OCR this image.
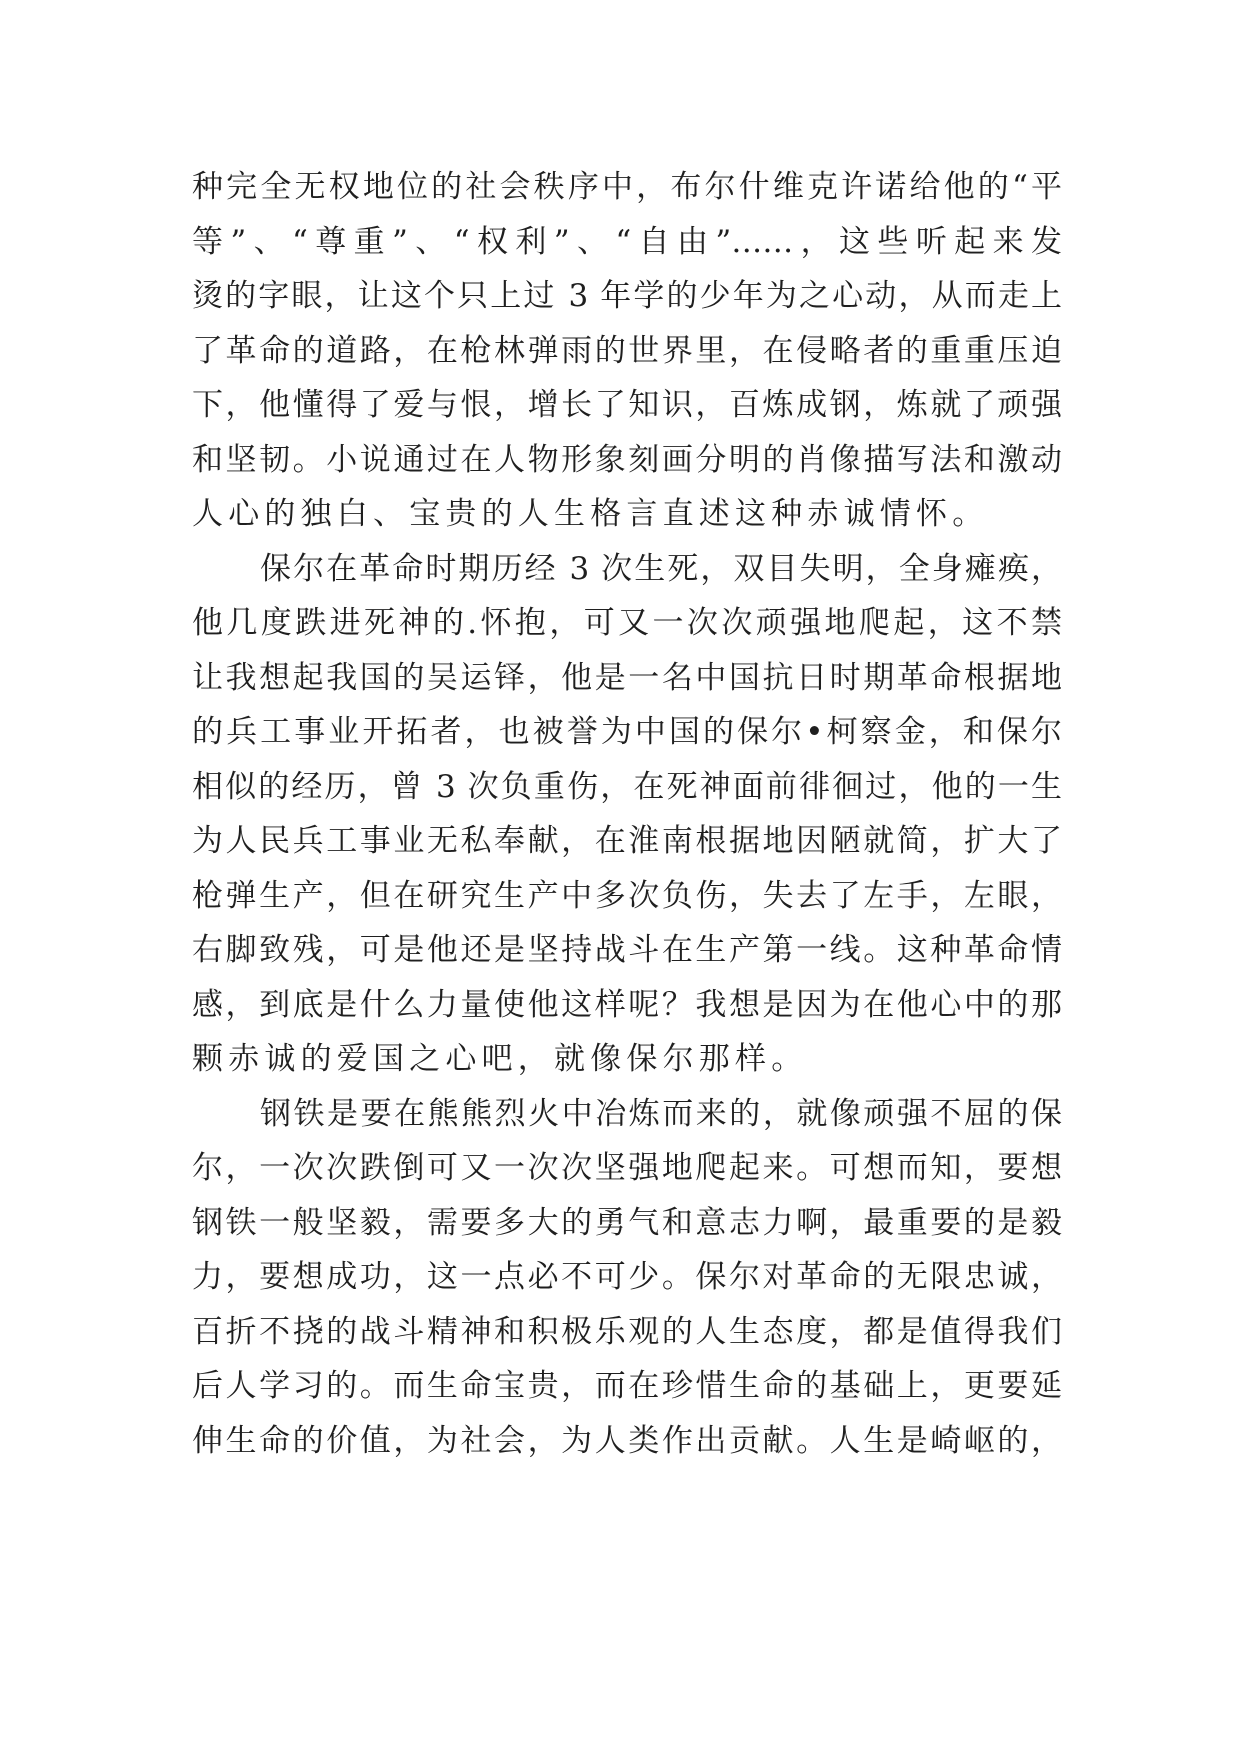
种完全无权地位的社会秩序中，布尔什维克许诺给他的“平
等”、“尊重”、“权利”、“自由”……，这些听起来发
烫的字眼，让这个只上过 3 年学的少年为之心动，从而走上
了革命的道路，在枪林弹雨的世界里，在侵略者的重重压迫
下，他懂得了爱与恨，增长了知识，百炼成钢，炼就了顽强
和坚韧。小说通过在人物形象刻画分明的肖像描写法和激动
人心的独白、宝贵的人生格言直述这种赤诚情怀。
保尔在革命时期历经 3 次生死，双目失明，全身瘫痪，
他几度跌进死神的.怀抱，可又一次次顽强地爬起，这不禁
让我想起我国的吴运铎，他是一名中国抗日时期革命根据地
的兵工事业开拓者，也被誉为中国的保尔•柯察金，和保尔
相似的经历，曾 3 次负重伤，在死神面前徘徊过，他的一生
为人民兵工事业无私奉献，在淮南根据地因陋就简，扩大了
枪弹生产，但在研究生产中多次负伤，失去了左手，左眼，
右脚致残，可是他还是坚持战斗在生产第一线。这种革命情
感，到底是什么力量使他这样呢？我想是因为在他心中的那
颗赤诚的爱国之心吧，就像保尔那样。
钢铁是要在熊熊烈火中冶炼而来的，就像顽强不屈的保
尔，一次次跌倒可又一次次坚强地爬起来。可想而知，要想
钢铁一般坚毅，需要多大的勇气和意志力啊，最重要的是毅
力，要想成功，这一点必不可少。保尔对革命的无限忠诚，
百折不挠的战斗精神和积极乐观的人生态度，都是值得我们
后人学习的。而生命宝贵，而在珍惜生命的基础上，更要延
伸生命的价值，为社会，为人类作出贡献。人生是崎岖的，
